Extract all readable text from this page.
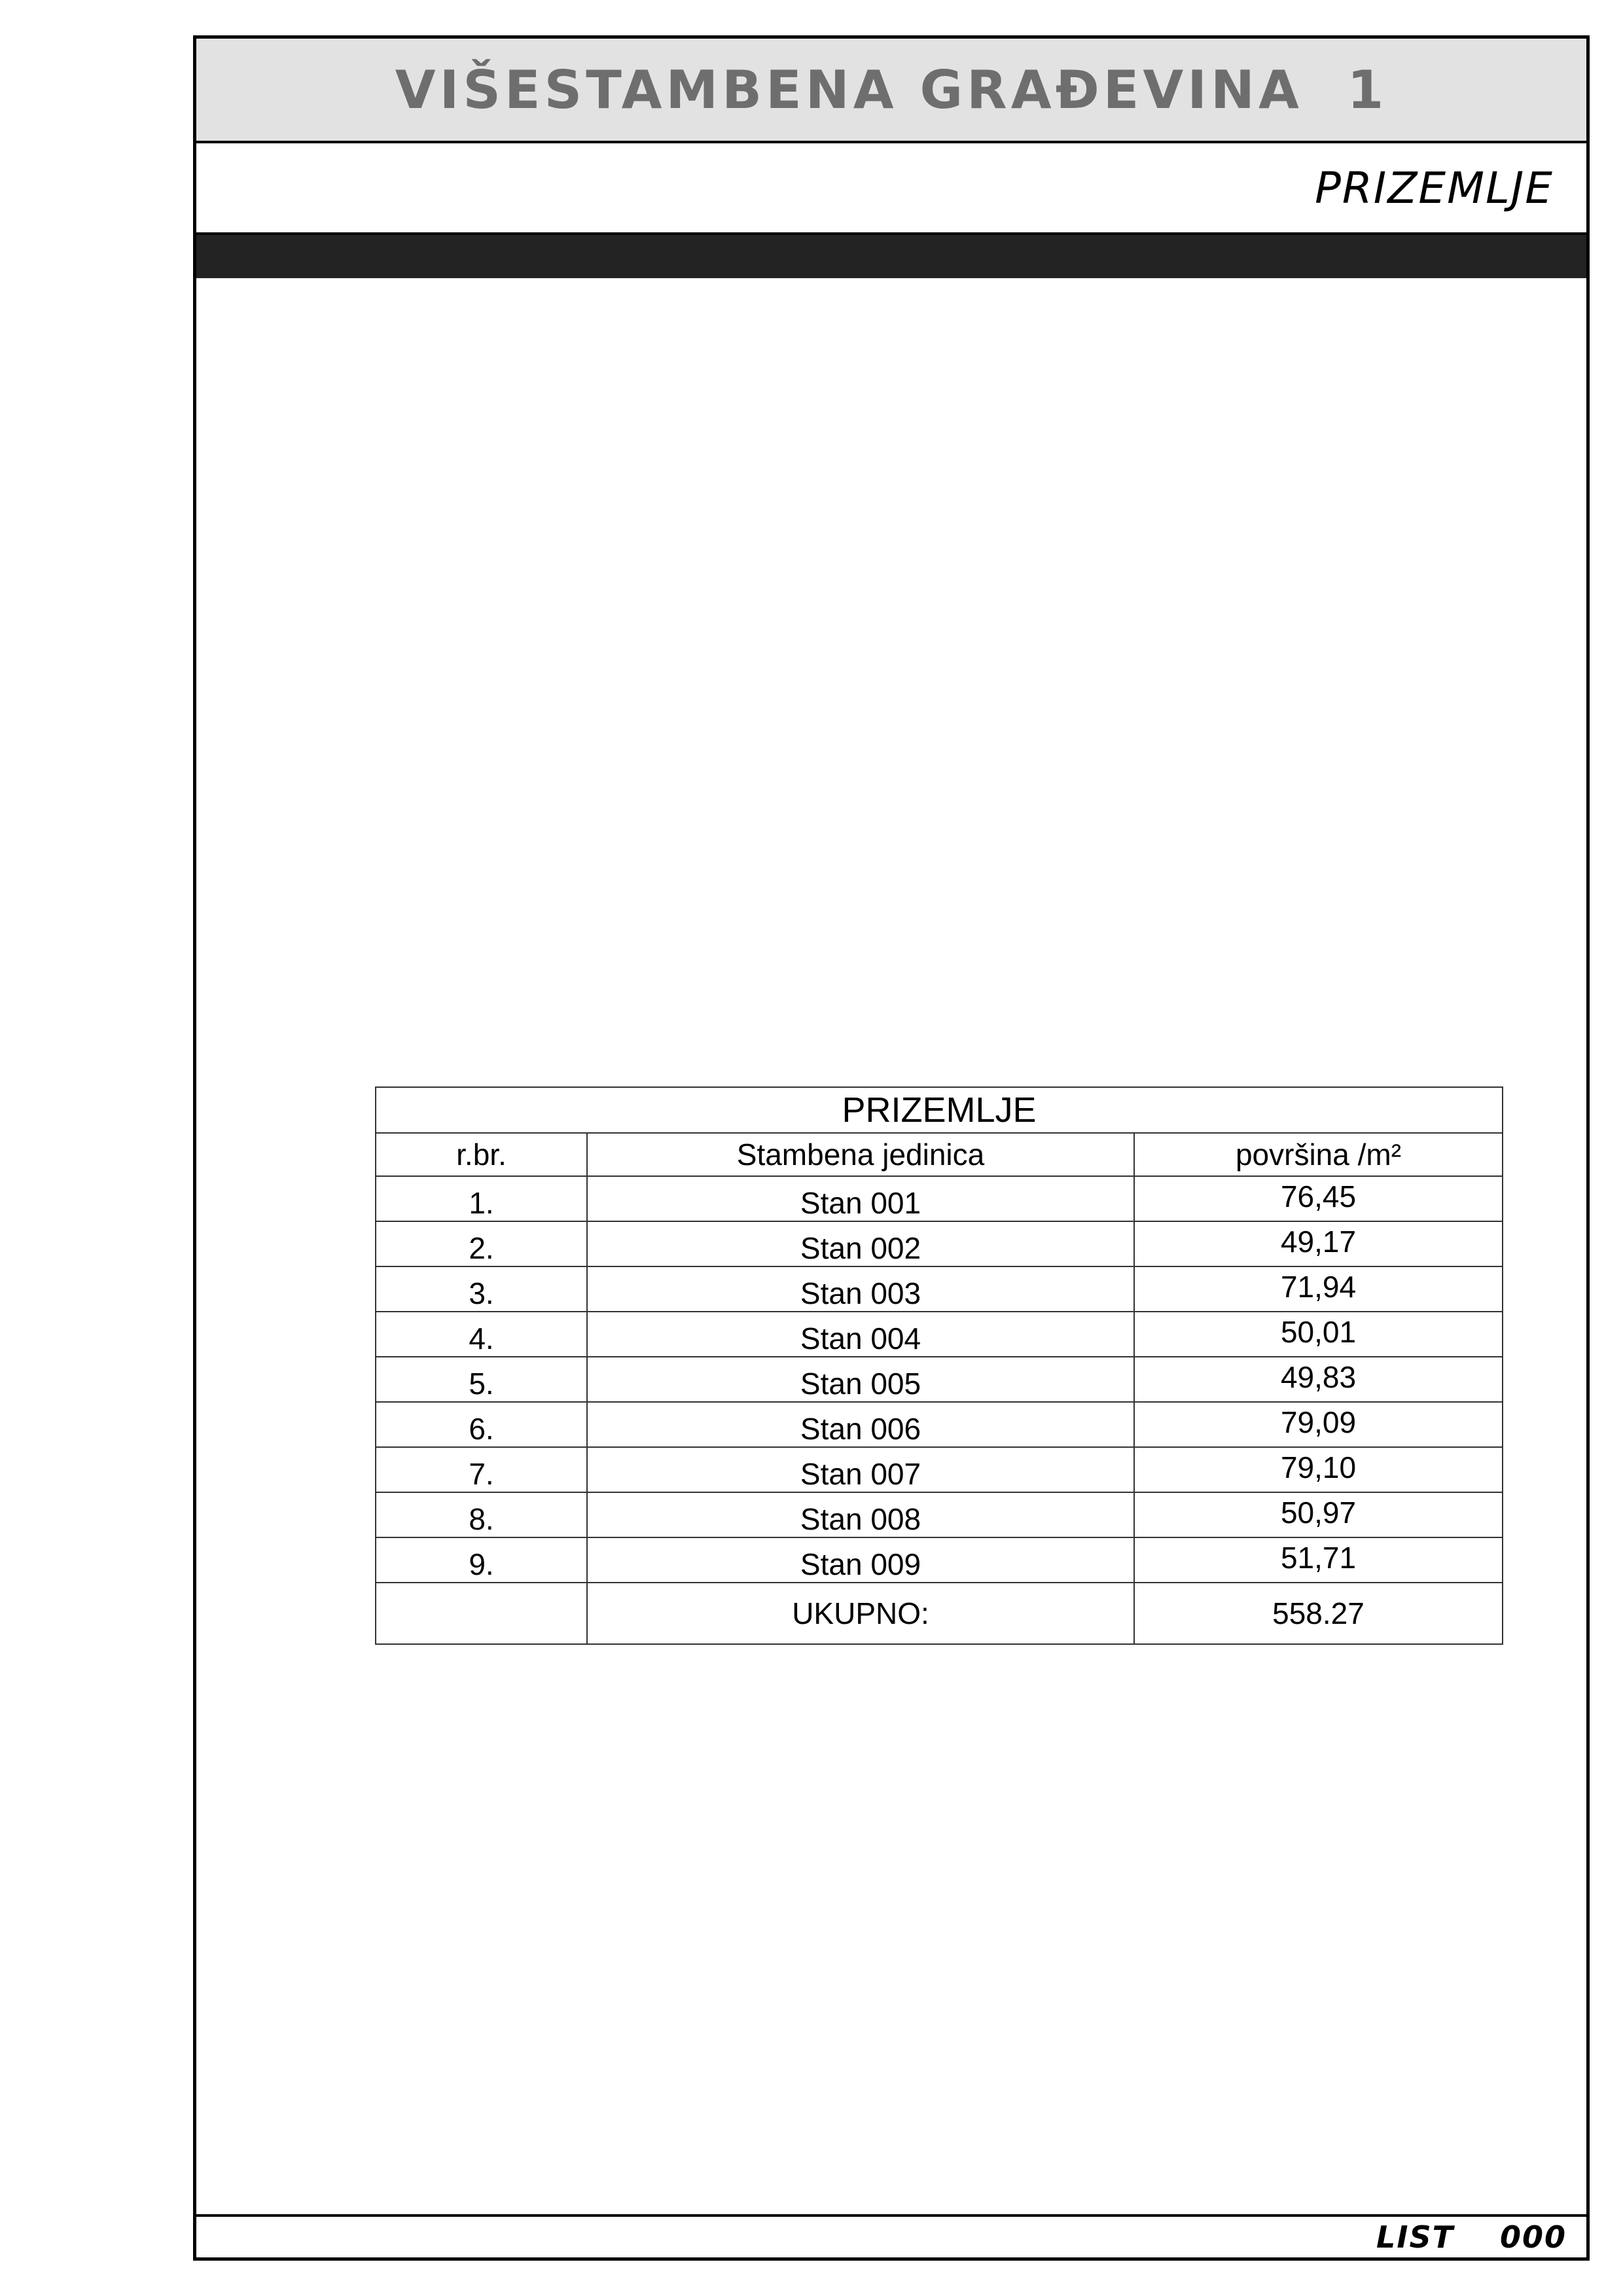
VIŠESTAMBENA GRAĐEVINA  1
PRIZEMLJE
LIST 000
PRIZEMLJE		
r.br.	Stambena jedinica	površina /m²
1.	Stan 001	76,45
2.	Stan 002	49,17
3.	Stan 003	71,94
4.	Stan 004	50,01
5.	Stan 005	49,83
6.	Stan 006	79,09
7.	Stan 007	79,10
8.	Stan 008	50,97
9.	Stan 009	51,71
	UKUPNO:	558.27
